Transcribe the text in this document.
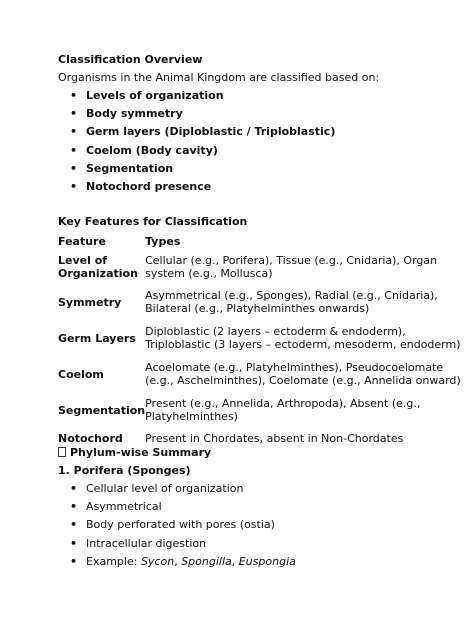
Classification Overview
Organisms in the Animal Kingdom are classified based on:
• Levels of organization
• Body symmetry
• Germ layers (Diploblastic / Triploblastic)
• Coelom (Body cavity)
• Segmentation
• Notochord presence
Key Features for Classification
Feature	Types
Level of Organization	Cellular (e.g., Porifera), Tissue (e.g., Cnidaria), Organ system (e.g., Mollusca)
Symmetry	Asymmetrical (e.g., Sponges), Radial (e.g., Cnidaria), Bilateral (e.g., Platyhelminthes onwards)
Germ Layers	Diploblastic (2 layers – ectoderm & endoderm), Triploblastic (3 layers – ectoderm, mesoderm, endoderm)
Coelom	Acoelomate (e.g., Platyhelminthes), Pseudocoelomate (e.g., Aschelminthes), Coelomate (e.g., Annelida onward)
Segmentation	Present (e.g., Annelida, Arthropoda), Absent (e.g., Platyhelminthes)
Notochord	Present in Chordates, absent in Non-Chordates
Phylum-wise Summary
1. Porifera (Sponges)
• Cellular level of organization
• Asymmetrical
• Body perforated with pores (ostia)
• Intracellular digestion
• Example: Sycon, Spongilla, Euspongia
